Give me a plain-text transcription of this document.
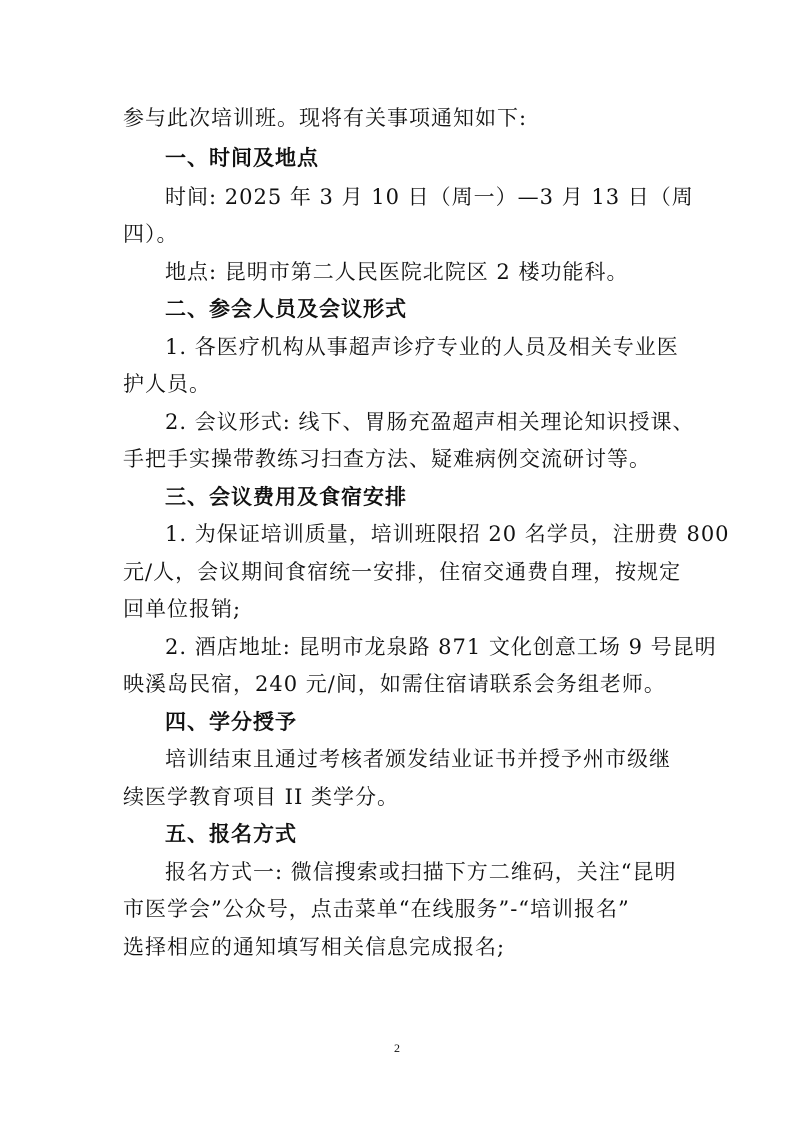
参与此次培训班。现将有关事项通知如下:
一、时间及地点
时间: 2025 年 3 月 10 日（周一）—3 月 13 日（周
四）。
地点: 昆明市第二人民医院北院区 2 楼功能科。
二、参会人员及会议形式
1. 各医疗机构从事超声诊疗专业的人员及相关专业医
护人员。
2. 会议形式: 线下、胃肠充盈超声相关理论知识授课、
手把手实操带教练习扫查方法、疑难病例交流研讨等。
三、会议费用及食宿安排
1. 为保证培训质量，培训班限招 20 名学员，注册费 800
元/人，会议期间食宿统一安排，住宿交通费自理，按规定
回单位报销;
2. 酒店地址: 昆明市龙泉路 871 文化创意工场 9 号昆明
映溪岛民宿，240 元/间，如需住宿请联系会务组老师。
四、学分授予
培训结束且通过考核者颁发结业证书并授予州市级继
续医学教育项目 II 类学分。
五、报名方式
报名方式一: 微信搜索或扫描下方二维码，关注“昆明
市医学会”公众号，点击菜单“在线服务”-“培训报名”
选择相应的通知填写相关信息完成报名;
2
